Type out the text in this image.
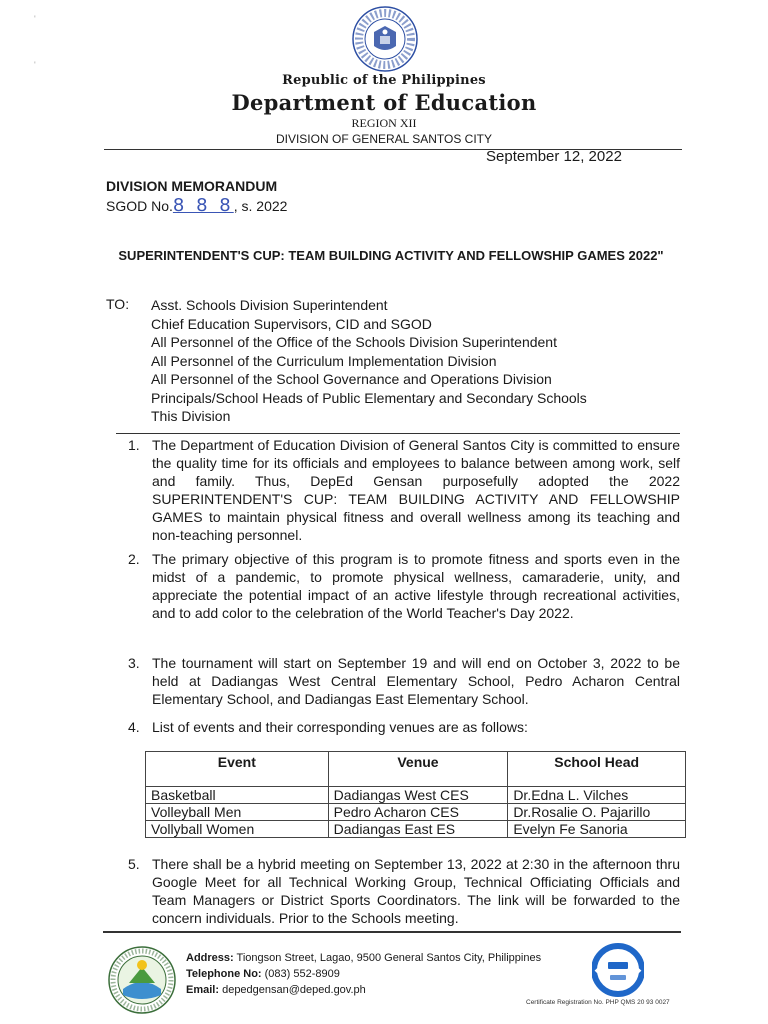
'
'
Republic of the Philippines
Department of Education
REGION XII
DIVISION OF GENERAL SANTOS CITY
September 12, 2022
DIVISION MEMORANDUM
SGOD No.8 8 8, s. 2022
SUPERINTENDENT'S CUP: TEAM BUILDING ACTIVITY AND FELLOWSHIP GAMES 2022"
TO: Asst. Schools Division Superintendent
Chief Education Supervisors, CID and SGOD
All Personnel of the Office of the Schools Division Superintendent
All Personnel of the Curriculum Implementation Division
All Personnel of the School Governance and Operations Division
Principals/School Heads of Public Elementary and Secondary Schools
This Division
1. The Department of Education Division of General Santos City is committed to ensure the quality time for its officials and employees to balance between among work, self and family. Thus, DepEd Gensan purposefully adopted the 2022 SUPERINTENDENT'S CUP: TEAM BUILDING ACTIVITY AND FELLOWSHIP GAMES to maintain physical fitness and overall wellness among its teaching and non-teaching personnel.
2. The primary objective of this program is to promote fitness and sports even in the midst of a pandemic, to promote physical wellness, camaraderie, unity, and appreciate the potential impact of an active lifestyle through recreational activities, and to add color to the celebration of the World Teacher's Day 2022.
3. The tournament will start on September 19 and will end on October 3, 2022 to be held at Dadiangas West Central Elementary School, Pedro Acharon Central Elementary School, and Dadiangas East Elementary School.
4. List of events and their corresponding venues are as follows:
Event	Venue	School Head

Basketball	Dadiangas West CES	Dr.Edna L. Vilches
Volleyball Men	Pedro Acharon CES	Dr.Rosalie O. Pajarillo
Vollyball Women	Dadiangas East ES	Evelyn Fe Sanoria
5. There shall be a hybrid meeting on September 13, 2022 at 2:30 in the afternoon thru Google Meet for all Technical Working Group, Technical Officiating Officials and Team Managers or District Sports Coordinators. The link will be forwarded to the concern individuals. Prior to the Schools meeting.
Address: Tiongson Street, Lagao, 9500 General Santos City, Philippines
Telephone No: (083) 552-8909
Email: depedgensan@deped.gov.ph
Certificate Registration No. PHP QMS 20 93 0027
